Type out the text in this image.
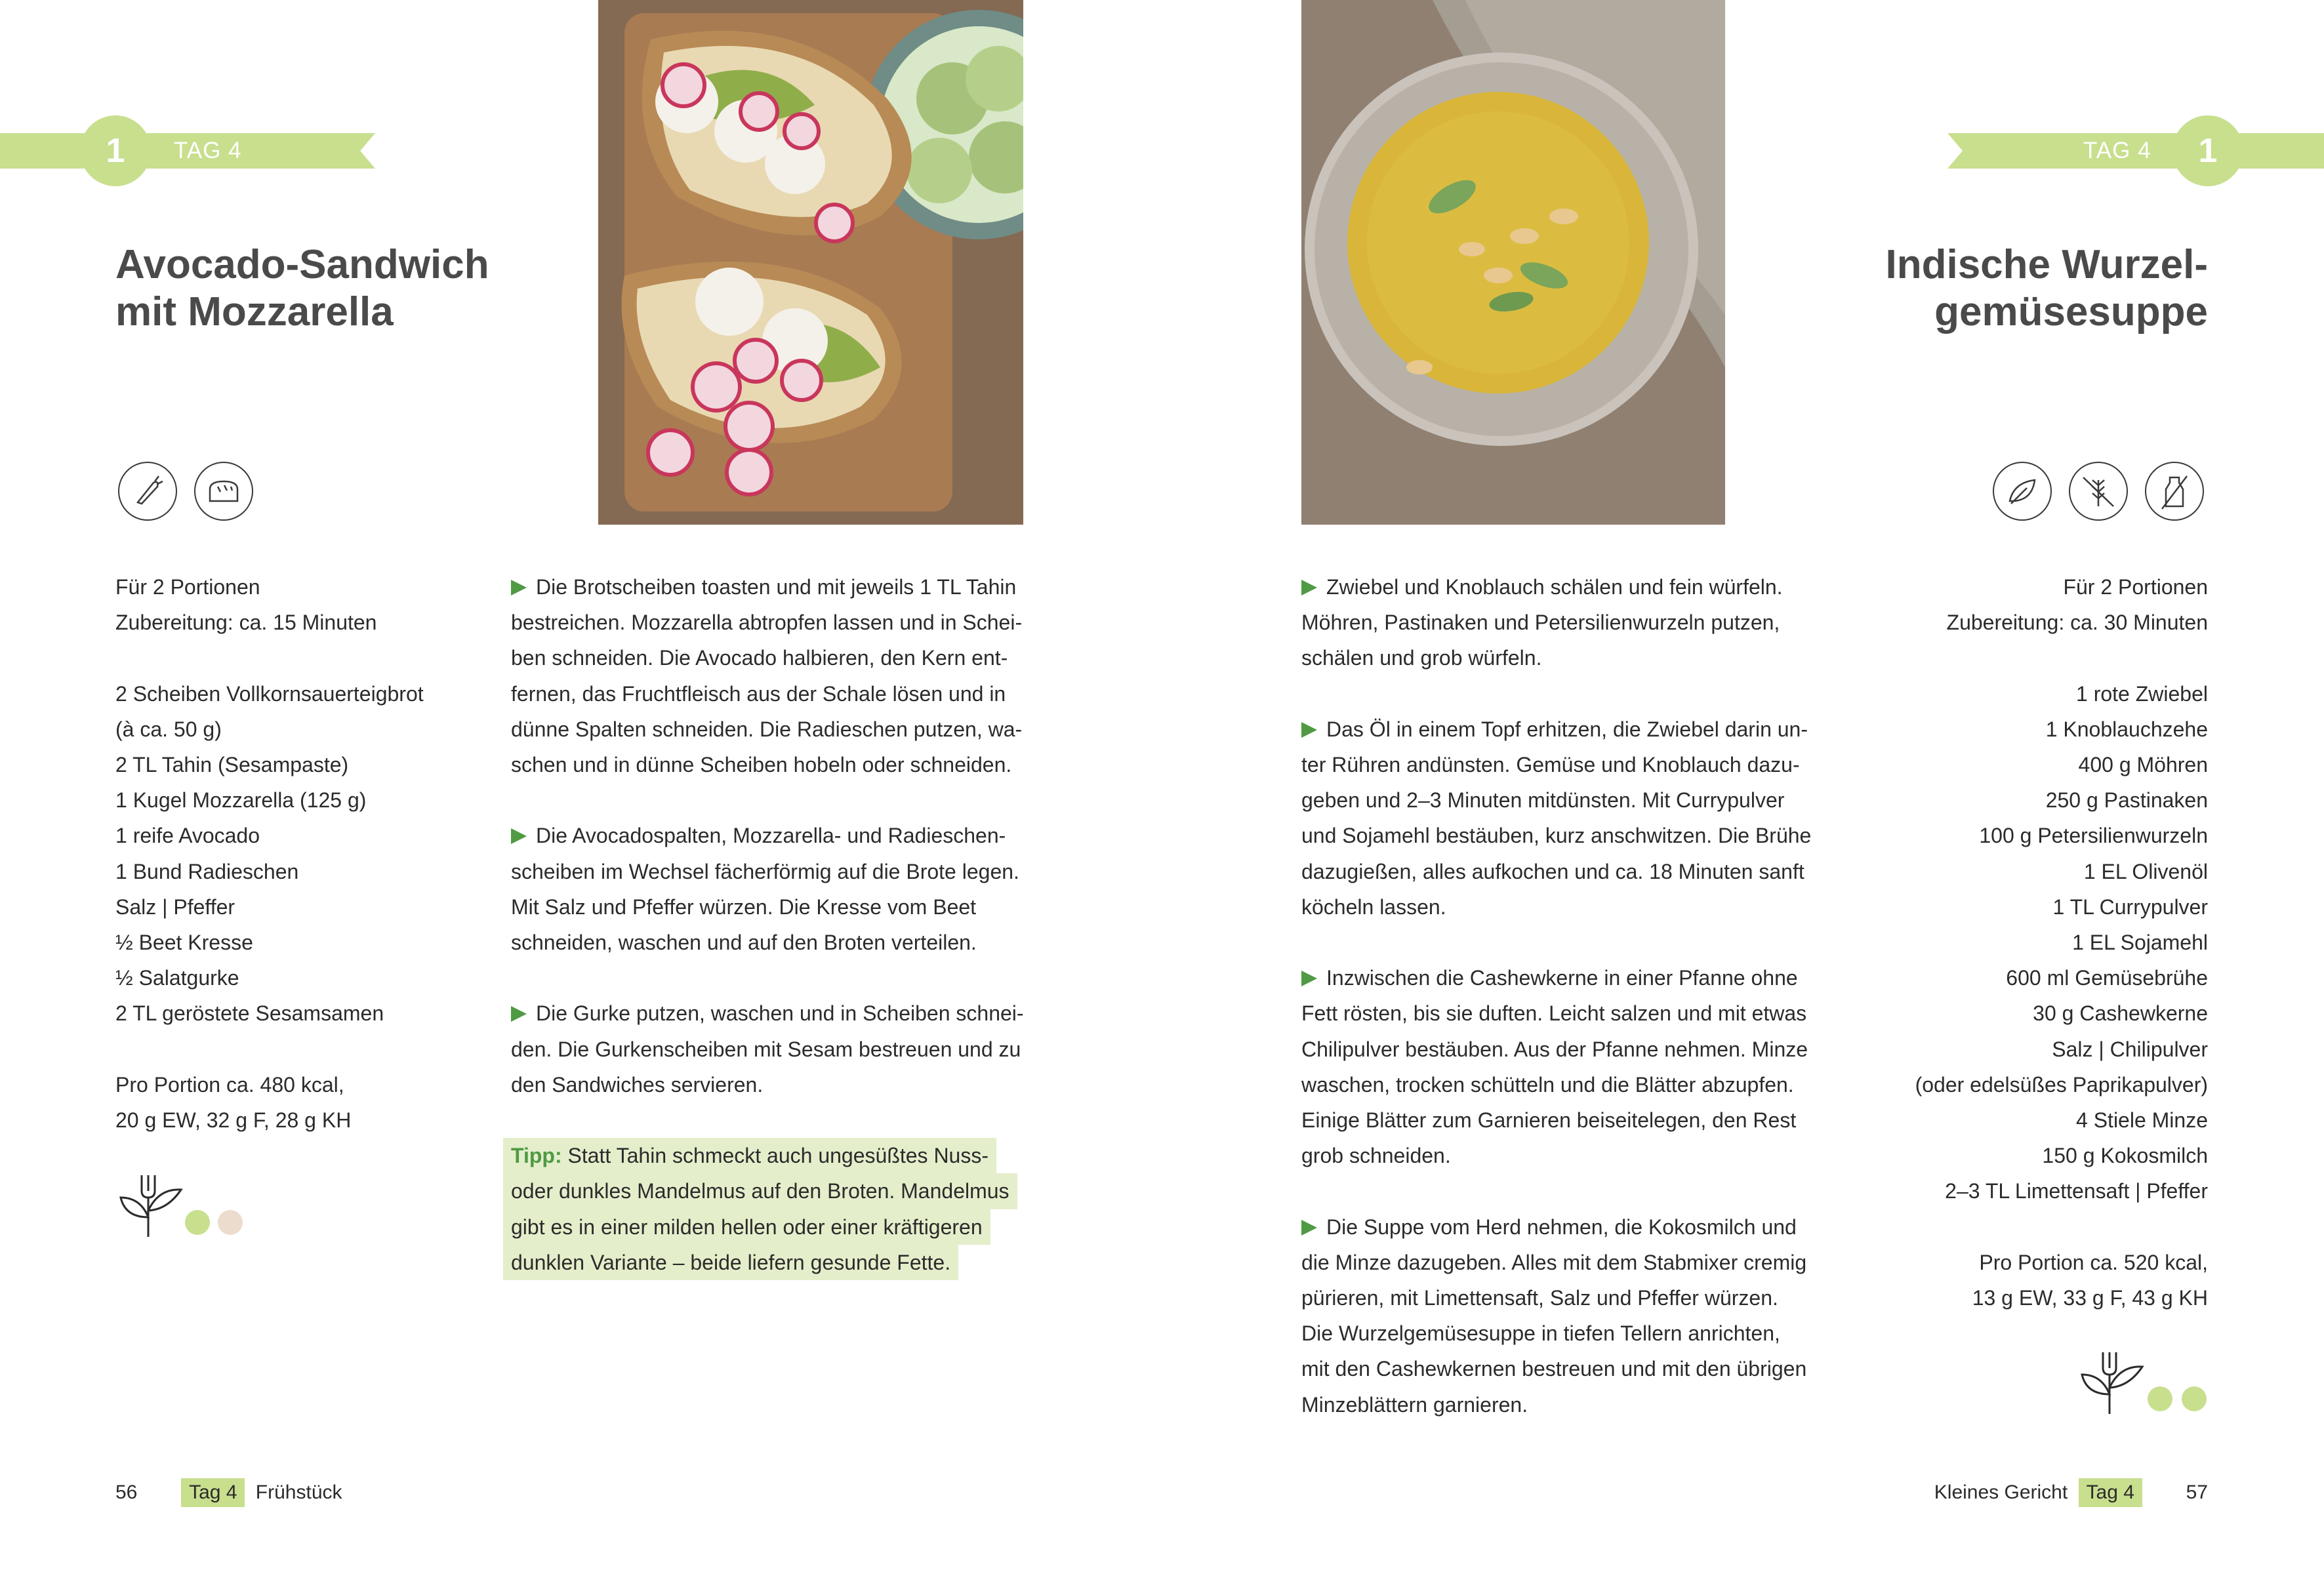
1	TAG 4
Avocado-Sandwich
mit Mozzarella
Für 2 Portionen
Zubereitung: ca. 15 Minuten

2 Scheiben Vollkornsauerteigbrot
(à ca. 50 g)
2 TL Tahin (Sesampaste)
1 Kugel Mozzarella (125 g)
1 reife Avocado
1 Bund Radieschen
Salz | Pfeffer
½ Beet Kresse
½ Salatgurke
2 TL geröstete Sesamsamen

Pro Portion ca. 480 kcal,
20 g EW, 32 g F, 28 g KH
Die Brotscheiben toasten und mit jeweils 1 TL Tahin
bestreichen. Mozzarella abtropfen lassen und in Schei-
ben schneiden. Die Avocado halbieren, den Kern ent-
fernen, das Fruchtfleisch aus der Schale lösen und in
dünne Spalten schneiden. Die Radieschen putzen, wa-
schen und in dünne Scheiben hobeln oder schneiden.

Die Avocadospalten, Mozzarella- und Radieschen-
scheiben im Wechsel fächerförmig auf die Brote legen.
Mit Salz und Pfeffer würzen. Die Kresse vom Beet
schneiden, waschen und auf den Broten verteilen.

Die Gurke putzen, waschen und in Scheiben schnei-
den. Die Gurkenscheiben mit Sesam bestreuen und zu
den Sandwiches servieren.

Tipp: Statt Tahin schmeckt auch ungesüßtes Nuss-
oder dunkles Mandelmus auf den Broten. Mandelmus
gibt es in einer milden hellen oder einer kräftigeren
dunklen Variante – beide liefern gesunde Fette.
56	Tag 4 Frühstück
1
TAG 4
Indische Wurzel-
gemüsesuppe
Zwiebel und Knoblauch schälen und fein würfeln.
Möhren, Pastinaken und Petersilienwurzeln putzen,
schälen und grob würfeln.

Das Öl in einem Topf erhitzen, die Zwiebel darin un-
ter Rühren andünsten. Gemüse und Knoblauch dazu-
geben und 2–3 Minuten mitdünsten. Mit Currypulver
und Sojamehl bestäuben, kurz anschwitzen. Die Brühe
dazugießen, alles aufkochen und ca. 18 Minuten sanft
köcheln lassen.

Inzwischen die Cashewkerne in einer Pfanne ohne
Fett rösten, bis sie duften. Leicht salzen und mit etwas
Chilipulver bestäuben. Aus der Pfanne nehmen. Minze
waschen, trocken schütteln und die Blätter abzupfen.
Einige Blätter zum Garnieren beiseitelegen, den Rest
grob schneiden.

Die Suppe vom Herd nehmen, die Kokosmilch und
die Minze dazugeben. Alles mit dem Stabmixer cremig
pürieren, mit Limettensaft, Salz und Pfeffer würzen.
Die Wurzelgemüsesuppe in tiefen Tellern anrichten,
mit den Cashewkernen bestreuen und mit den übrigen
Minzeblättern garnieren.
Für 2 Portionen
Zubereitung: ca. 30 Minuten

1 rote Zwiebel
1 Knoblauchzehe
400 g Möhren
250 g Pastinaken
100 g Petersilienwurzeln
1 EL Olivenöl
1 TL Currypulver
1 EL Sojamehl
600 ml Gemüsebrühe
30 g Cashewkerne
Salz | Chilipulver
(oder edelsüßes Paprikapulver)
4 Stiele Minze
150 g Kokosmilch
2–3 TL Limettensaft | Pfeffer

Pro Portion ca. 520 kcal,
13 g EW, 33 g F, 43 g KH
Kleines Gericht Tag 4	57
